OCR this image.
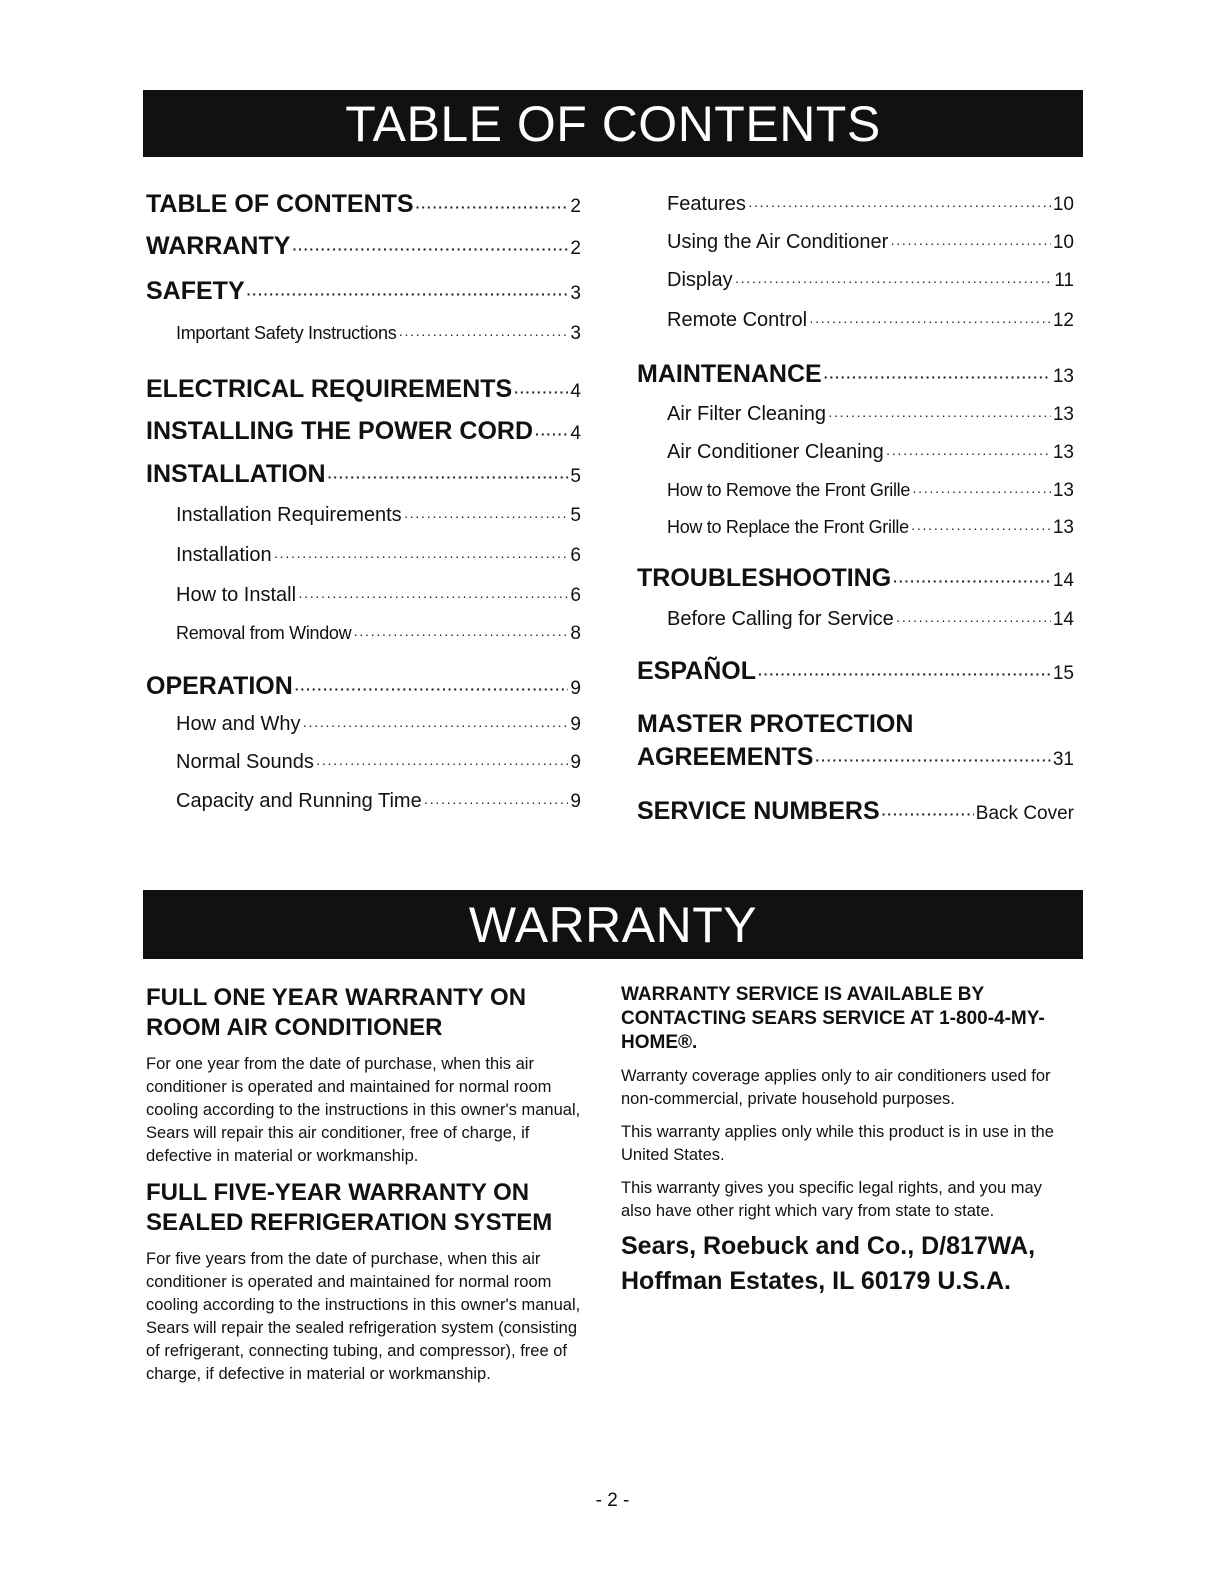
TABLE OF CONTENTS
TABLE OF CONTENTS ·····	2
WARRANTY ·····	2
SAFETY ·····	3
Important Safety Instructions ·····	3
ELECTRICAL REQUIREMENTS ·····	4
INSTALLING THE POWER CORD ····· 4
INSTALLATION ·····	5
Installation Requirements ·····	5
Installation ·····	6
How to Install ·····	6
Removal from Window ·····	8
OPERATION ·····	9
How and Why ·····	9
Normal Sounds ·····	9
Capacity and Running Time ·····	9
Features ·····	10
Using the Air Conditioner ·····	10
Display ·····	11
Remote Control ·····	12
MAINTENANCE ·····	13
Air Filter Cleaning ·····	13
Air Conditioner Cleaning ·····	13
How to Remove the Front Grille ·····	13
How to Replace the Front Grille ·····	13
TROUBLESHOOTING ·····	14
Before Calling for Service ·····	14
ESPAÑOL ·····	15
MASTER PROTECTION
AGREEMENTS ·····	31
SERVICE NUMBERS ·····	Back Cover
WARRANTY

FULL ONE YEAR WARRANTY ON ROOM AIR CONDITIONER

For one year from the date of purchase, when this air conditioner is operated and maintained for normal room cooling according to the instructions in this owner's manual, Sears will repair this air conditioner, free of charge, if defective in material or workmanship.

FULL FIVE-YEAR WARRANTY ON SEALED REFRIGERATION SYSTEM

For five years from the date of purchase, when this air conditioner is operated and maintained for normal room cooling according to the instructions in this owner's manual, Sears will repair the sealed refrigeration system (consisting of refrigerant, connecting tubing, and compressor), free of charge, if defective in material or workmanship.

WARRANTY SERVICE IS AVAILABLE BY CONTACTING SEARS SERVICE AT 1-800-4-MY-HOME®.

Warranty coverage applies only to air conditioners used for non-commercial, private household purposes.

This warranty applies only while this product is in use in the United States.

This warranty gives you specific legal rights, and you may also have other right which vary from state to state.

Sears, Roebuck and Co., D/817WA,

Hoffman Estates, IL 60179 U.S.A.

- 2 -
